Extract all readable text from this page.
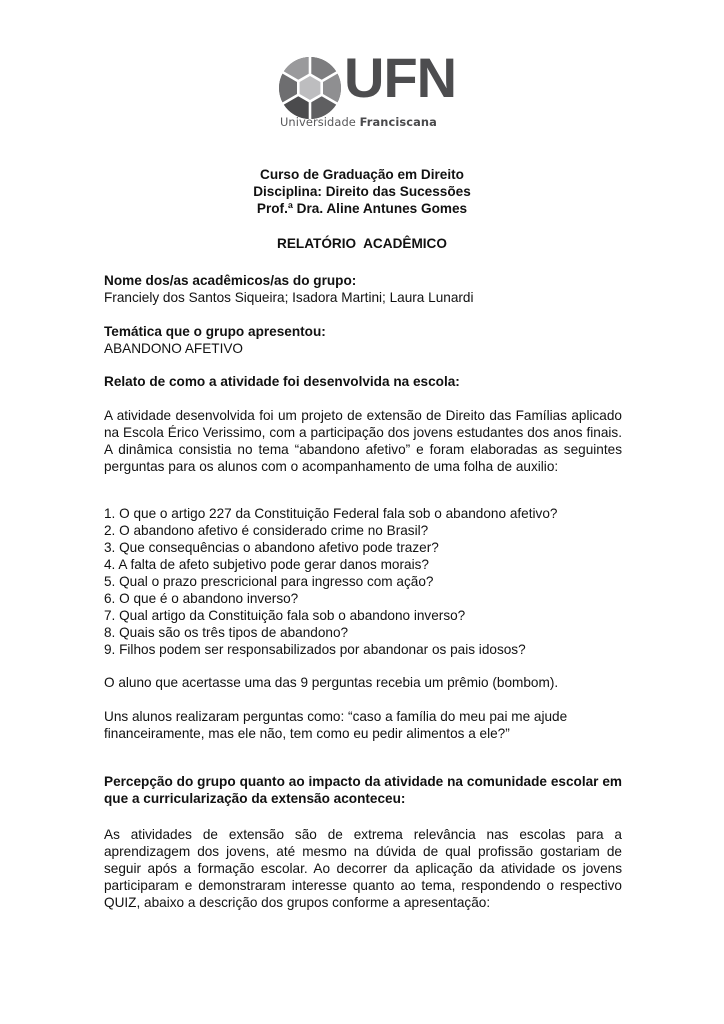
UFN
Universidade Franciscana
Curso de Graduação em Direito
Disciplina: Direito das Sucessões
Prof.ª Dra. Aline Antunes Gomes
RELATÓRIO  ACADÊMICO
Nome dos/as acadêmicos/as do grupo:
Franciely dos Santos Siqueira; Isadora Martini; Laura Lunardi
Temática que o grupo apresentou:
ABANDONO AFETIVO
Relato de como a atividade foi desenvolvida na escola:
A atividade desenvolvida foi um projeto de extensão de Direito das Famílias aplicado na Escola Érico Verissimo, com a participação dos jovens estudantes dos anos finais. A dinâmica consistia no tema “abandono afetivo” e foram elaboradas as seguintes perguntas para os alunos com o acompanhamento de uma folha de auxilio:
1. O que o artigo 227 da Constituição Federal fala sob o abandono afetivo?
2. O abandono afetivo é considerado crime no Brasil?
3. Que consequências o abandono afetivo pode trazer?
4. A falta de afeto subjetivo pode gerar danos morais?
5. Qual o prazo prescricional para ingresso com ação?
6. O que é o abandono inverso?
7. Qual artigo da Constituição fala sob o abandono inverso?
8. Quais são os três tipos de abandono?
9. Filhos podem ser responsabilizados por abandonar os pais idosos?
O aluno que acertasse uma das 9 perguntas recebia um prêmio (bombom).
Uns alunos realizaram perguntas como: “caso a família do meu pai me ajude financeiramente, mas ele não, tem como eu pedir alimentos a ele?”
Percepção do grupo quanto ao impacto da atividade na comunidade escolar em que a curricularização da extensão aconteceu:
As atividades de extensão são de extrema relevância nas escolas para a aprendizagem dos jovens, até mesmo na dúvida de qual profissão gostariam de seguir após a formação escolar. Ao decorrer da aplicação da atividade os jovens participaram e demonstraram interesse quanto ao tema, respondendo o respectivo QUIZ, abaixo a descrição dos grupos conforme a apresentação:
